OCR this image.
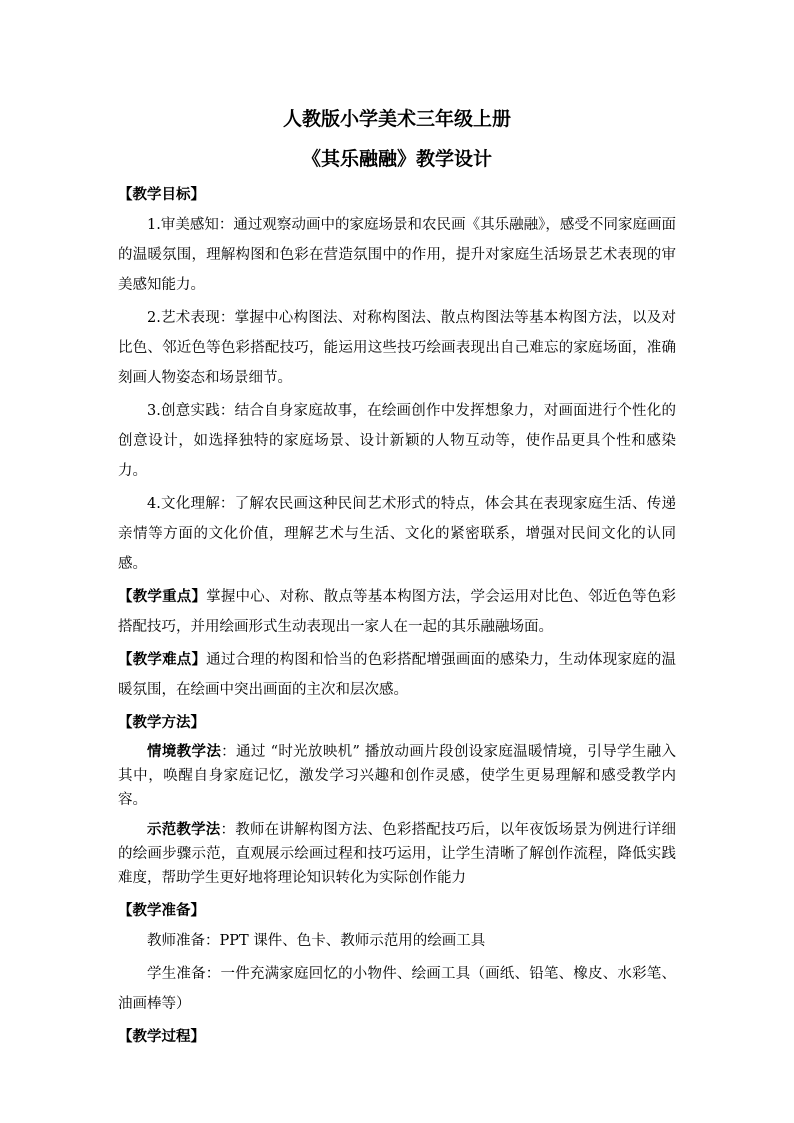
人教版小学美术三年级上册
《其乐融融》教学设计
【教学目标】

1.审美感知：通过观察动画中的家庭场景和农民画《其乐融融》，感受不同家庭画面的温暖氛围，理解构图和色彩在营造氛围中的作用，提升对家庭生活场景艺术表现的审美感知能力。

2.艺术表现：掌握中心构图法、对称构图法、散点构图法等基本构图方法，以及对比色、邻近色等色彩搭配技巧，能运用这些技巧绘画表现出自己难忘的家庭场面，准确刻画人物姿态和场景细节。

3.创意实践：结合自身家庭故事，在绘画创作中发挥想象力，对画面进行个性化的创意设计，如选择独特的家庭场景、设计新颖的人物互动等，使作品更具个性和感染力。

4.文化理解：了解农民画这种民间艺术形式的特点，体会其在表现家庭生活、传递亲情等方面的文化价值，理解艺术与生活、文化的紧密联系，增强对民间文化的认同感。

【教学重点】掌握中心、对称、散点等基本构图方法，学会运用对比色、邻近色等色彩搭配技巧，并用绘画形式生动表现出一家人在一起的其乐融融场面。

【教学难点】通过合理的构图和恰当的色彩搭配增强画面的感染力，生动体现家庭的温暖氛围，在绘画中突出画面的主次和层次感。

【教学方法】

情境教学法：通过 “时光放映机” 播放动画片段创设家庭温暖情境，引导学生融入其中，唤醒自身家庭记忆，激发学习兴趣和创作灵感，使学生更易理解和感受教学内容。

示范教学法：教师在讲解构图方法、色彩搭配技巧后，以年夜饭场景为例进行详细的绘画步骤示范，直观展示绘画过程和技巧运用，让学生清晰了解创作流程，降低实践难度，帮助学生更好地将理论知识转化为实际创作能力

【教学准备】

教师准备：PPT 课件、色卡、教师示范用的绘画工具

学生准备：一件充满家庭回忆的小物件、绘画工具（画纸、铅笔、橡皮、水彩笔、油画棒等）

【教学过程】
